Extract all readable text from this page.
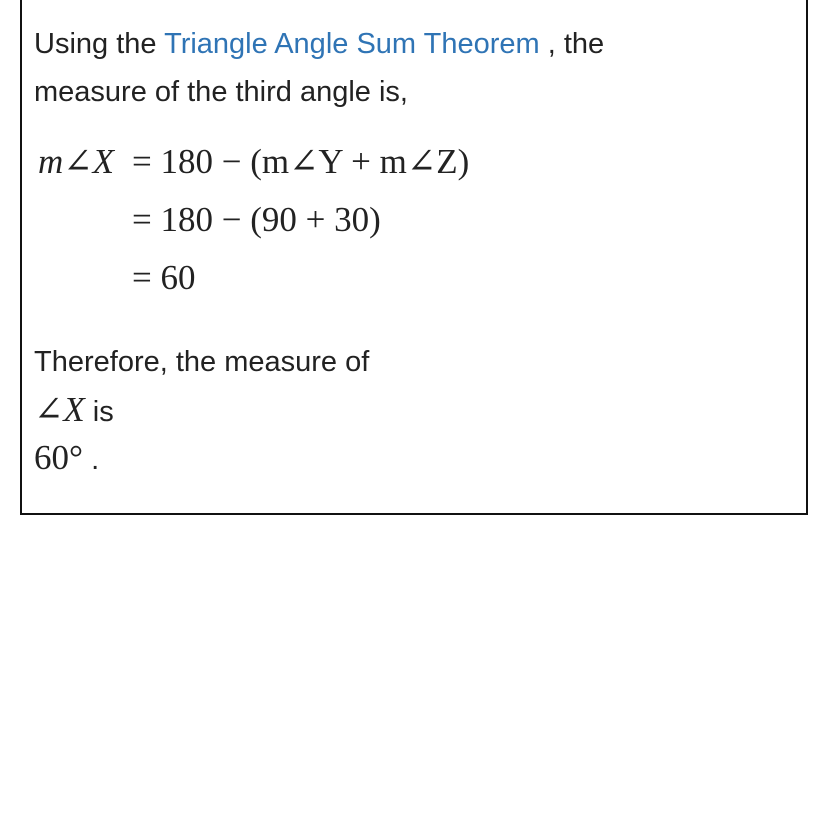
Using the Triangle Angle Sum Theorem , the
measure of the third angle is,

m∠X = 180 − (m∠Y + m∠Z)
= 180 − (90 + 30)
= 60

Therefore, the measure of

∠X is

60° .
